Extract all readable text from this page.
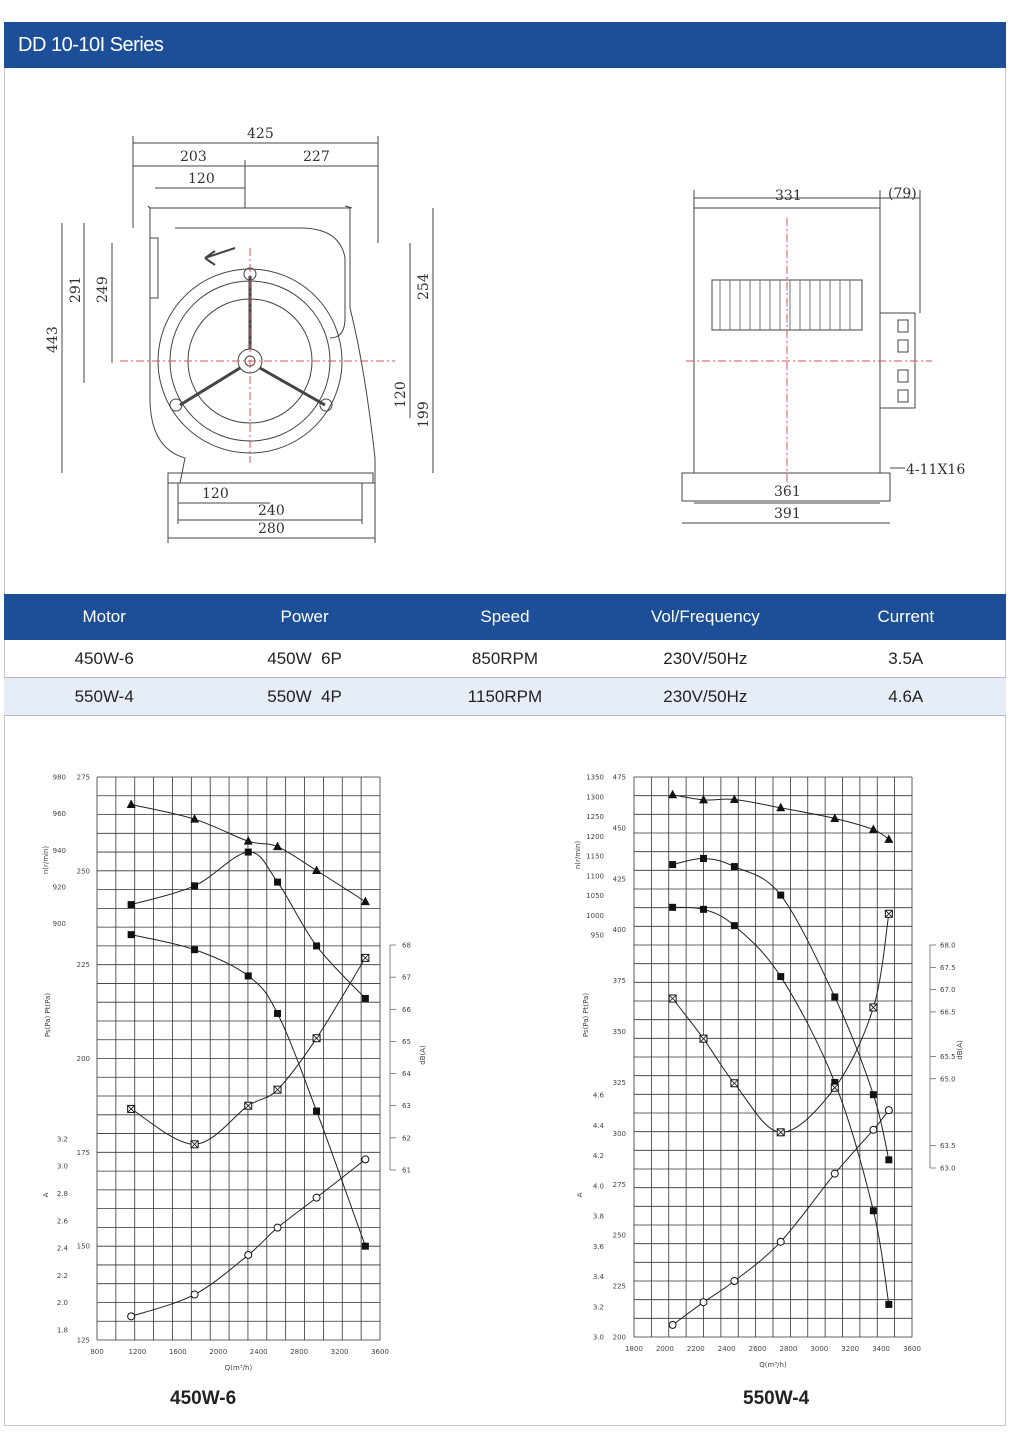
DD 10-10I Series
425
203	227
120
291 249
443
254
120
199
120
240
280
331	(79)
361
391
4-11X16
Motor	Power	Speed	Vol/Frequency	Current
450W-6	450W  6P	850RPM	230V/50Hz	3.5A
550W-4	550W  4P	1150RPM	230V/50Hz	4.6A
800	1200	1600	2000	2400	2800	3200	3600
Q(m³/h)
900
920
940
960
980
n(r/min)
125
150
175
200
225
250
275
Ps(Pa) Pt(Pa)
1.8
2.0
2.2
2.4
2.6
2.8
3.0
3.2
A
61
62
63
64
65
66
67
68
dB(A)
1800 2000 2200 2400 2600 2800 3000 3200 3400 3600
Q(m³/h)
950
1000
1050
1100
1150
1200
1250
1300
1350
n(r/min)
200
225
250
275
300
325
350
375
400
425
450
475
Ps(Pa) Pt(Pa)
3.0
3.2
3.4
3.6
3.8
4.0
4.2
4.4
4.6
A
63.0
63.5
65.0
65.5
66.5
67.0
67.5
68.0
dB(A)
450W-6	550W-4
